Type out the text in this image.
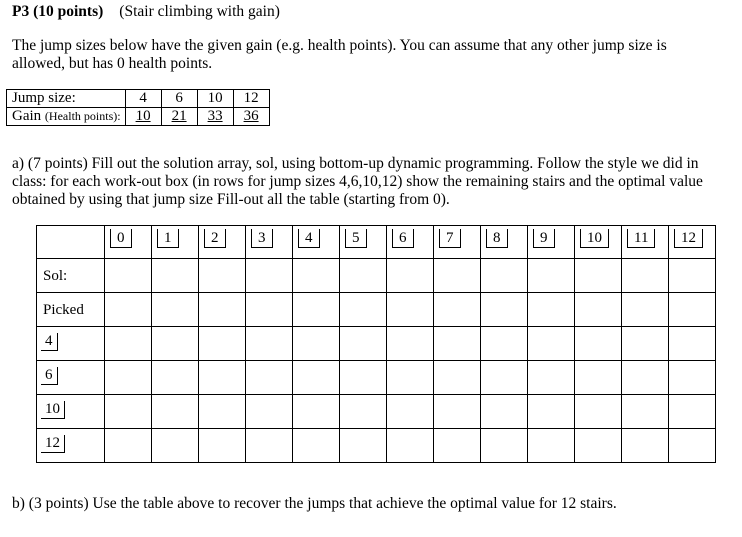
P3 (10 points) (Stair climbing with gain)
The jump sizes below have the given gain (e.g. health points). You can assume that any other jump size is allowed, but has 0 health points.
Jump size:	4	6	10	12
Gain (Health points):	10	21	33	36
a) (7 points) Fill out the solution array, sol, using bottom-up dynamic programming. Follow the style we did in class: for each work-out box (in rows for jump sizes 4,6,10,12) show the remaining stairs and the optimal value obtained by using that jump size Fill-out all the table (starting from 0).
	0	1	2	3	4	5	6	7	8	9	10	11	12
Sol:													
Picked													
4													
6													
10													
12													
b) (3 points) Use the table above to recover the jumps that achieve the optimal value for 12 stairs.
